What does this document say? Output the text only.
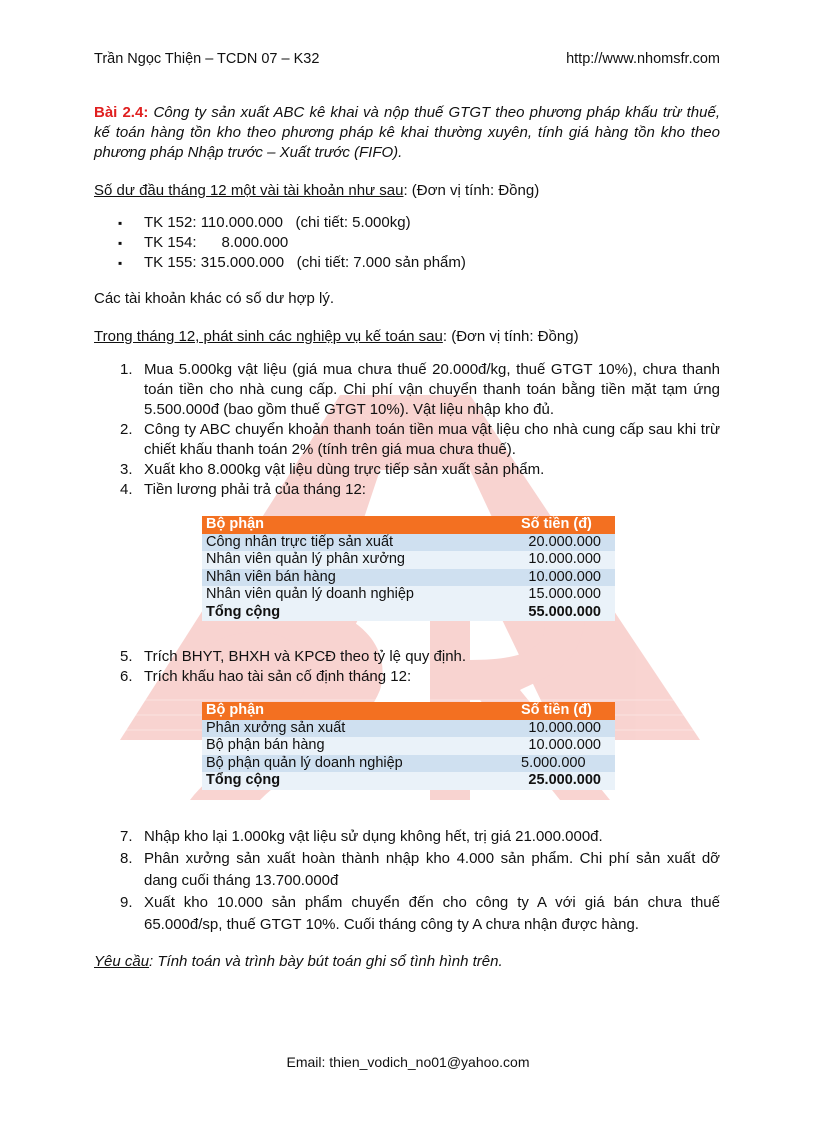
Trần Ngọc Thiện – TCDN 07 – K32	http://www.nhomsfr.com

Bài 2.4: Công ty sản xuất ABC kê khai và nộp thuế GTGT theo phương pháp khấu trừ thuế, kế toán hàng tồn kho theo phương pháp kê khai thường xuyên, tính giá hàng tồn kho theo phương pháp Nhập trước – Xuất trước (FIFO).

Số dư đầu tháng 12 một vài tài khoản như sau: (Đơn vị tính: Đồng)

▪ TK 152: 110.000.000   (chi tiết: 5.000kg)
▪ TK 154:      8.000.000
▪ TK 155: 315.000.000   (chi tiết: 7.000 sản phẩm)

Các tài khoản khác có số dư hợp lý.

Trong tháng 12, phát sinh các nghiệp vụ kế toán sau: (Đơn vị tính: Đồng)

1. Mua 5.000kg vật liệu (giá mua chưa thuế 20.000đ/kg, thuế GTGT 10%), chưa thanh toán tiền cho nhà cung cấp. Chi phí vận chuyển thanh toán bằng tiền mặt tạm ứng 5.500.000đ (bao gồm thuế GTGT 10%). Vật liệu nhập kho đủ.
2. Công ty ABC chuyển khoản thanh toán tiền mua vật liệu cho nhà cung cấp sau khi trừ chiết khấu thanh toán 2% (tính trên giá mua chưa thuế).
3. Xuất kho 8.000kg vật liệu dùng trực tiếp sản xuất sản phẩm.
4. Tiền lương phải trả của tháng 12:
Bộ phận	Số tiền (đ)
Công nhân trực tiếp sản xuất	20.000.000
Nhân viên quản lý phân xưởng	10.000.000
Nhân viên bán hàng	10.000.000
Nhân viên quản lý doanh nghiệp	15.000.000
Tổng cộng	55.000.000
5. Trích BHYT, BHXH và KPCĐ theo tỷ lệ quy định.
6. Trích khấu hao tài sản cố định tháng 12:
Bộ phận	Số tiền (đ)
Phân xưởng sản xuất	10.000.000
Bộ phận bán hàng	10.000.000
Bộ phận quản lý doanh nghiệp	5.000.000
Tổng cộng	25.000.000
7. Nhập kho lại 1.000kg vật liệu sử dụng không hết, trị giá 21.000.000đ.
8. Phân xưởng sản xuất hoàn thành nhập kho 4.000 sản phẩm. Chi phí sản xuất dỡ dang cuối tháng 13.700.000đ
9. Xuất kho 10.000 sản phẩm chuyển đến cho công ty A với giá bán chưa thuế 65.000đ/sp, thuế GTGT 10%. Cuối tháng công ty A chưa nhận được hàng.

Yêu cầu: Tính toán và trình bày bút toán ghi sổ tình hình trên.

Email: thien_vodich_no01@yahoo.com
